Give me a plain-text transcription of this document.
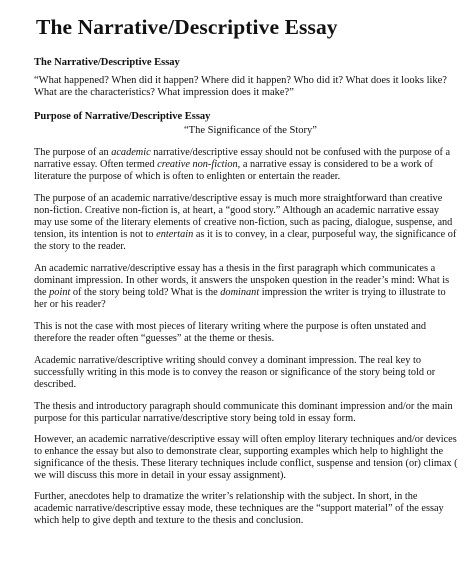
The Narrative/Descriptive Essay
The Narrative/Descriptive Essay
“What happened? When did it happen? Where did it happen? Who did it? What does it looks like? What are the characteristics? What impression does it make?”
Purpose of Narrative/Descriptive Essay
“The Significance of the Story”

The purpose of an academic narrative/descriptive essay should not be confused with the purpose of a narrative essay. Often termed creative non-fiction, a narrative essay is considered to be a work of literature the purpose of which is often to enlighten or entertain the reader.

The purpose of an academic narrative/descriptive essay is much more straightforward than creative non-fiction. Creative non-fiction is, at heart, a “good story.” Although an academic narrative essay may use some of the literary elements of creative non-fiction, such as pacing, dialogue, suspense, and tension, its intention is not to entertain as it is to convey, in a clear, purposeful way, the significance of the story to the reader.

An academic narrative/descriptive essay has a thesis in the first paragraph which communicates a dominant impression. In other words, it answers the unspoken question in the reader’s mind: What is the point of the story being told? What is the dominant impression the writer is trying to illustrate to her or his reader?

This is not the case with most pieces of literary writing where the purpose is often unstated and therefore the reader often “guesses” at the theme or thesis.

Academic narrative/descriptive writing should convey a dominant impression. The real key to successfully writing in this mode is to convey the reason or significance of the story being told or described.

The thesis and introductory paragraph should communicate this dominant impression and/or the main purpose for this particular narrative/descriptive story being told in essay form.

However, an academic narrative/descriptive essay will often employ literary techniques and/or devices to enhance the essay but also to demonstrate clear, supporting examples which help to highlight the significance of the thesis. These literary techniques include conflict, suspense and tension (or) climax ( we will discuss this more in detail in your essay assignment).

Further, anecdotes help to dramatize the writer’s relationship with the subject. In short, in the academic narrative/descriptive essay mode, these techniques are the “support material” of the essay which help to give depth and texture to the thesis and conclusion.
